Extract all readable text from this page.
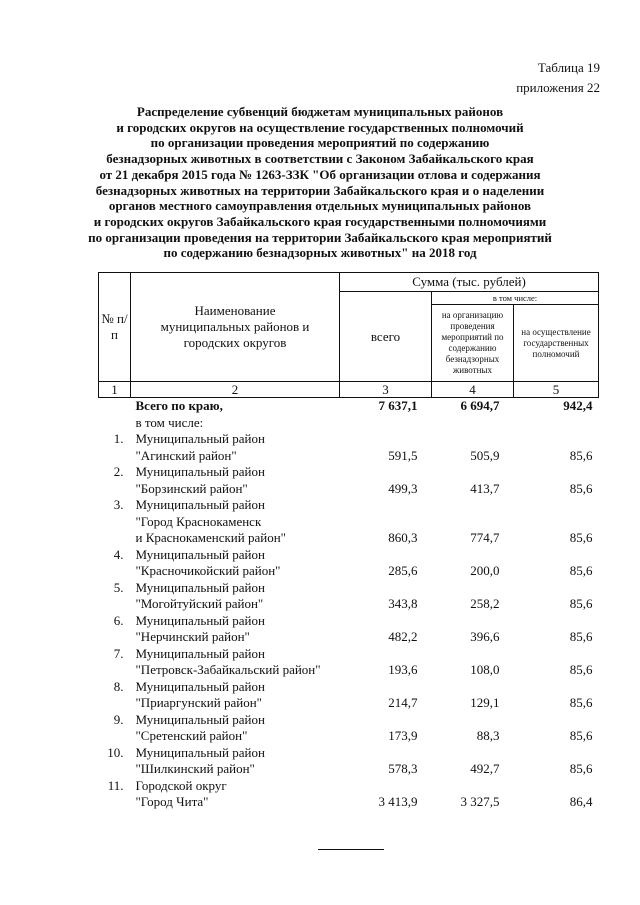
Таблица 19
приложения 22
Распределение субвенций бюджетам муниципальных районов
и городских округов на осуществление государственных полномочий
по организации проведения мероприятий по содержанию
безнадзорных животных в соответствии с Законом Забайкальского края
от 21 декабря 2015 года № 1263-ЗЗК "Об организации отлова и содержания
безнадзорных животных на территории Забайкальского края и о наделении
органов местного самоуправления отдельных муниципальных районов
и городских округов Забайкальского края государственными полномочиями
по организации проведения на территории Забайкальского края мероприятий
по содержанию безнадзорных животных" на 2018 год
№ п/п	Наименование муниципальных районов и городских округов	Сумма (тыс. рублей)		
		всего	в том числе:	
			на организацию проведения мероприятий по содержанию безнадзорных животных	на осуществление государственных полномочий
1	2	3	4	5
	Всего по краю,	7 637,1	6 694,7	942,4
	в том числе:			
1.	Муниципальный район			
	"Агинский район"	591,5	505,9	85,6
2.	Муниципальный район			
	"Борзинский район"	499,3	413,7	85,6
3.	Муниципальный район			
	"Город Краснокаменск			
	и Краснокаменский район"	860,3	774,7	85,6
4.	Муниципальный район			
	"Красночикойский район"	285,6	200,0	85,6
5.	Муниципальный район			
	"Могойтуйский район"	343,8	258,2	85,6
6.	Муниципальный район			
	"Нерчинский район"	482,2	396,6	85,6
7.	Муниципальный район			
	"Петровск-Забайкальский район"	193,6	108,0	85,6
8.	Муниципальный район			
	"Приаргунский район"	214,7	129,1	85,6
9.	Муниципальный район			
	"Сретенский район"	173,9	88,3	85,6
10.	Муниципальный район			
	"Шилкинский район"	578,3	492,7	85,6
11.	Городской округ			
	"Город Чита"	3 413,9	3 327,5	86,4
